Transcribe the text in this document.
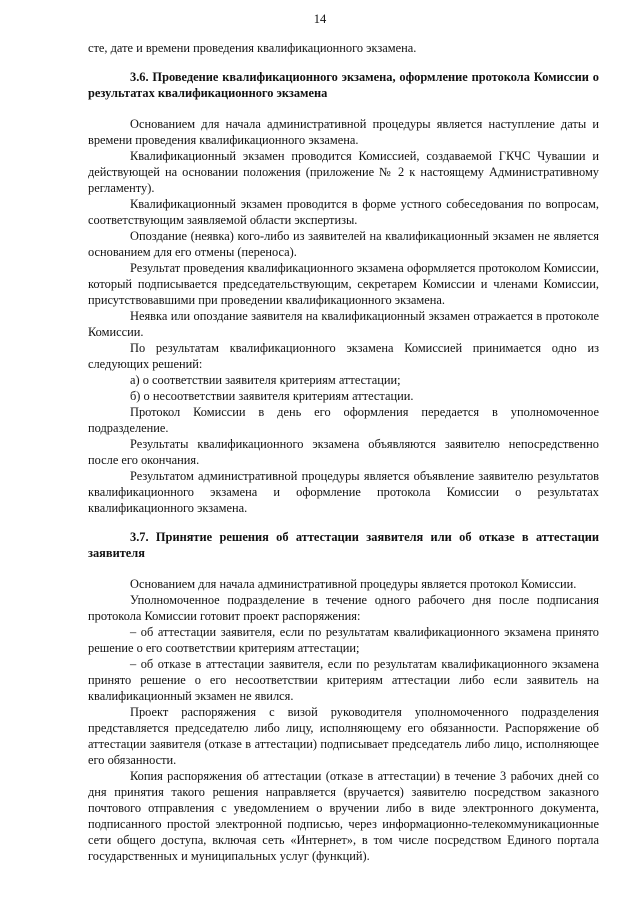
14

сте, дате и времени проведения квалификационного экзамена.

3.6. Проведение квалификационного экзамена, оформление протокола Комиссии о результатах квалификационного экзамена

Основанием для начала административной процедуры является наступление даты и времени проведения квалификационного экзамена.

Квалификационный экзамен проводится Комиссией, создаваемой ГКЧС Чувашии и действующей на основании положения (приложение № 2 к настоящему Административному регламенту).

Квалификационный экзамен проводится в форме устного собеседования по вопросам, соответствующим заявляемой области экспертизы.

Опоздание (неявка) кого-либо из заявителей на квалификационный экзамен не является основанием для его отмены (переноса).

Результат проведения квалификационного экзамена оформляется протоколом Комиссии, который подписывается председательствующим, секретарем Комиссии и членами Комиссии, присутствовавшими при проведении квалификационного экзамена.

Неявка или опоздание заявителя на квалификационный экзамен отражается в протоколе Комиссии.

По результатам квалификационного экзамена Комиссией принимается одно из следующих решений:

а) о соответствии заявителя критериям аттестации;

б) о несоответствии заявителя критериям аттестации.

Протокол Комиссии в день его оформления передается в уполномоченное подразделение.

Результаты квалификационного экзамена объявляются заявителю непосредственно после его окончания.

Результатом административной процедуры является объявление заявителю результатов квалификационного экзамена и оформление протокола Комиссии о результатах квалификационного экзамена.

3.7. Принятие решения об аттестации заявителя или об отказе в аттестации заявителя

Основанием для начала административной процедуры является протокол Комиссии.

Уполномоченное подразделение в течение одного рабочего дня после подписания протокола Комиссии готовит проект распоряжения:

– об аттестации заявителя, если по результатам квалификационного экзамена принято решение о его соответствии критериям аттестации;

– об отказе в аттестации заявителя, если по результатам квалификационного экзамена принято решение о его несоответствии критериям аттестации либо если заявитель на квалификационный экзамен не явился.

Проект распоряжения с визой руководителя уполномоченного подразделения представляется председателю либо лицу, исполняющему его обязанности. Распоряжение об аттестации заявителя (отказе в аттестации) подписывает председатель либо лицо, исполняющее его обязанности.

Копия распоряжения об аттестации (отказе в аттестации) в течение 3 рабочих дней со дня принятия такого решения направляется (вручается) заявителю посредством заказного почтового отправления с уведомлением о вручении либо в виде электронного документа, подписанного простой электронной подписью, через информационно-телекоммуникационные сети общего доступа, включая сеть «Интернет», в том числе посредством Единого портала государственных и муниципальных услуг (функций).
